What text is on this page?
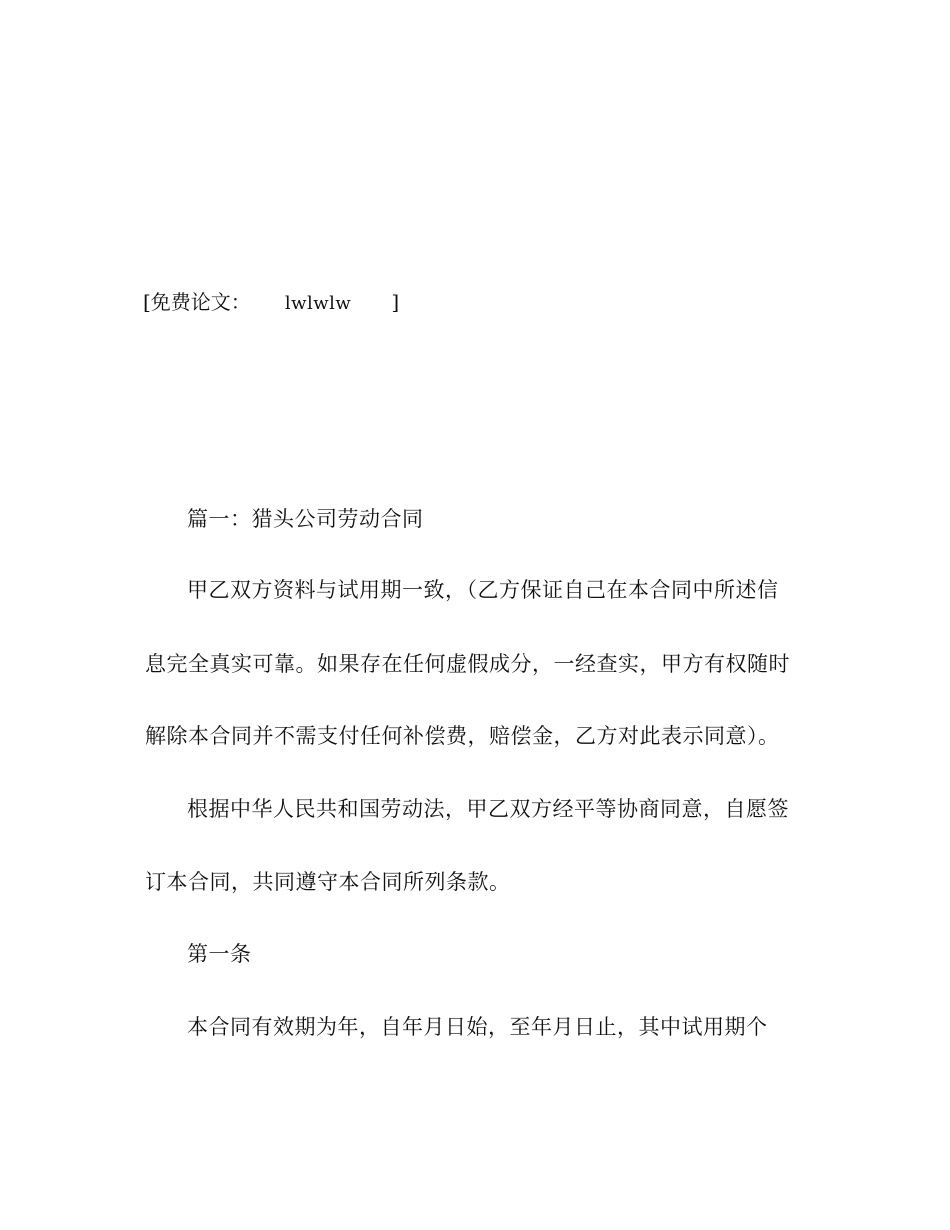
[免费论文： lwlwlw ]
篇一：猎头公司劳动合同
甲乙双方资料与试用期一致，（乙方保证自己在本合同中所述信
息完全真实可靠。如果存在任何虚假成分，一经查实，甲方有权随时
解除本合同并不需支付任何补偿费，赔偿金，乙方对此表示同意）。
根据中华人民共和国劳动法，甲乙双方经平等协商同意，自愿签
订本合同，共同遵守本合同所列条款。
第一条
本合同有效期为年，自年月日始，至年月日止，其中试用期个
